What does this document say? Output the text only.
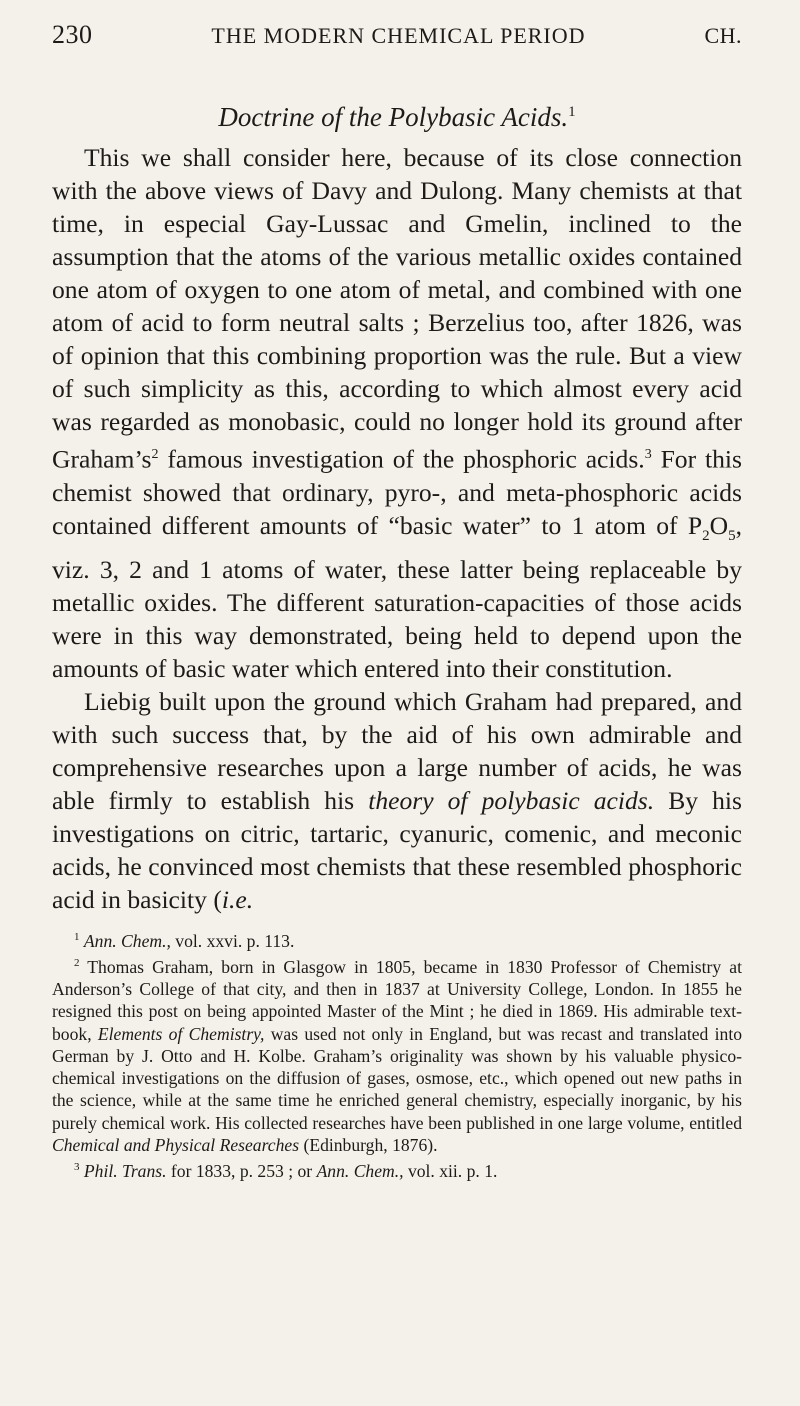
230	THE MODERN CHEMICAL PERIOD	CH.
Doctrine of the Polybasic Acids.$^1$

This we shall consider here, because of its close connection with the above views of Davy and Dulong. Many chemists at that time, in especial Gay-Lussac and Gmelin, inclined to the assumption that the atoms of the various metallic oxides contained one atom of oxygen to one atom of metal, and combined with one atom of acid to form neutral salts ; Berzelius too, after 1826, was of opinion that this combining proportion was the rule. But a view of such simplicity as this, according to which almost every acid was regarded as monobasic, could no longer hold its ground after $Graham’s^2$ famous investigation of the phosphoric acids.$^3$ For this chemist showed that ordinary, pyro-, and meta-phosphoric acids contained different amounts of “basic water” to 1 atom of $P_2O_5$, viz. 3, 2 and 1 atoms of water, these latter being replaceable by metallic oxides. The different saturation-capacities of those acids were in this way demonstrated, being held to depend upon the amounts of basic water which entered into their constitution.

Liebig built upon the ground which Graham had prepared, and with such success that, by the aid of his own admirable and comprehensive researches upon a large number of acids, he was able firmly to establish his theory of polybasic acids. By his investigations on citric, tartaric, cyanuric, comenic, and meconic acids, he convinced most chemists that these resembled phosphoric acid in basicity (i.e.

$^1$ Ann. Chem., vol. xxvi. p. 113.

$^2$ Thomas Graham, born in Glasgow in 1805, became in 1830 Professor of Chemistry at Anderson’s College of that city, and then in 1837 at University College, London. In 1855 he resigned this post on being appointed Master of the Mint ; he died in 1869. His admirable text-book, Elements of Chemistry, was used not only in England, but was recast and translated into German by J. Otto and H. Kolbe. Graham’s originality was shown by his valuable physico-chemical investigations on the diffusion of gases, osmose, etc., which opened out new paths in the science, while at the same time he enriched general chemistry, especially inorganic, by his purely chemical work. His collected researches have been published in one large volume, entitled Chemical and Physical Researches (Edinburgh, 1876).

$^3$ Phil. Trans. for 1833, p. 253 ; or Ann. Chem., vol. xii. p. 1.
